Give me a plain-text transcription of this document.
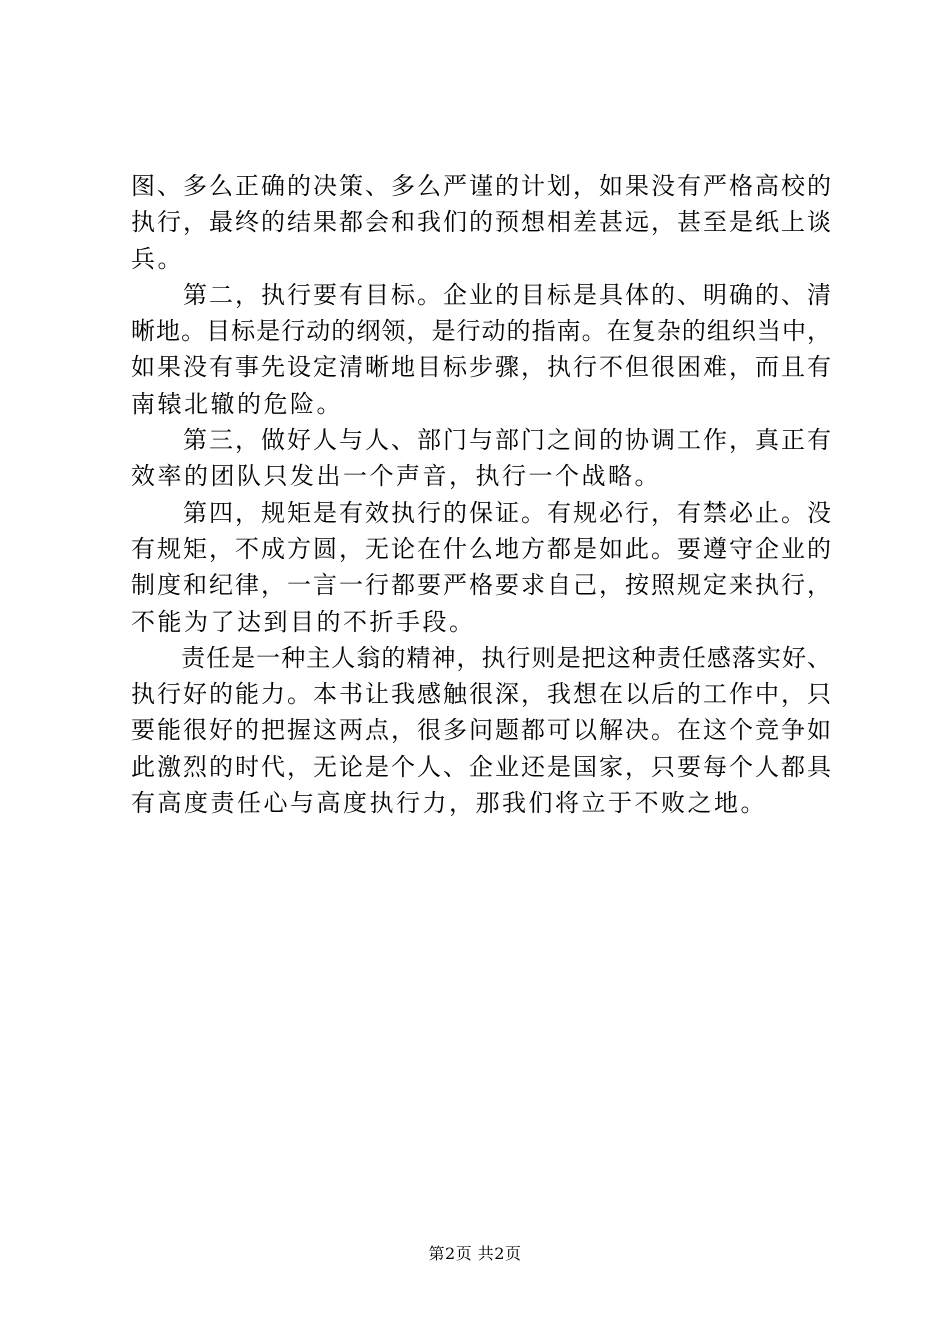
图、多么正确的决策、多么严谨的计划，如果没有严格高校的
执行，最终的结果都会和我们的预想相差甚远，甚至是纸上谈
兵。
　　第二，执行要有目标。企业的目标是具体的、明确的、清
晰地。目标是行动的纲领，是行动的指南。在复杂的组织当中，
如果没有事先设定清晰地目标步骤，执行不但很困难，而且有
南辕北辙的危险。
　　第三，做好人与人、部门与部门之间的协调工作，真正有
效率的团队只发出一个声音，执行一个战略。
　　第四，规矩是有效执行的保证。有规必行，有禁必止。没
有规矩，不成方圆，无论在什么地方都是如此。要遵守企业的
制度和纪律，一言一行都要严格要求自己，按照规定来执行，
不能为了达到目的不折手段。
　　责任是一种主人翁的精神，执行则是把这种责任感落实好、
执行好的能力。本书让我感触很深，我想在以后的工作中，只
要能很好的把握这两点，很多问题都可以解决。在这个竞争如
此激烈的时代，无论是个人、企业还是国家，只要每个人都具
有高度责任心与高度执行力，那我们将立于不败之地。
第2页 共2页
